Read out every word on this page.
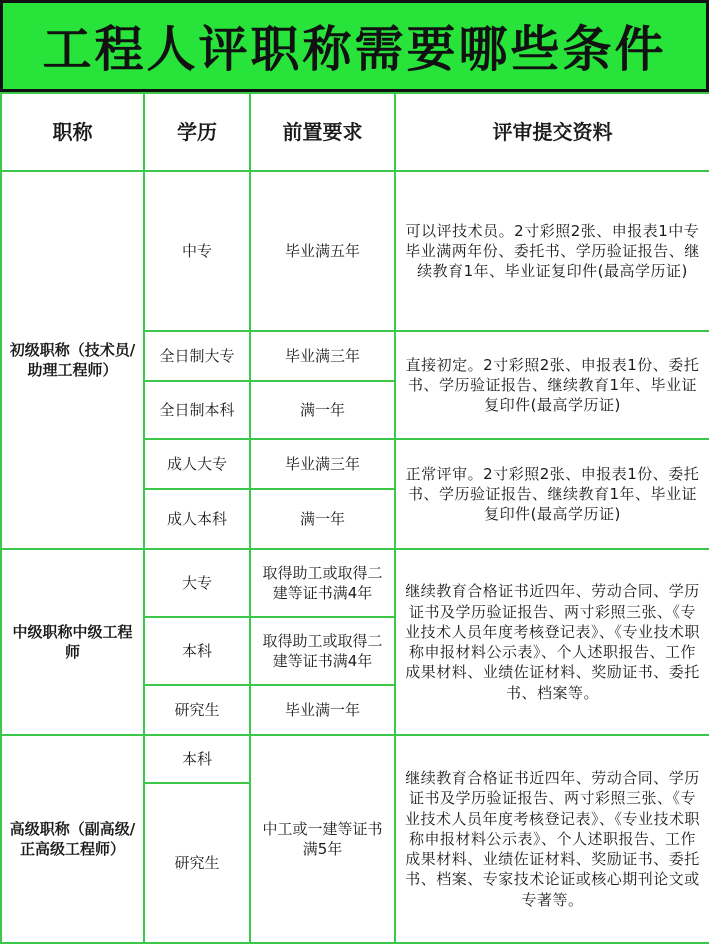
工程人评职称需要哪些条件
职称	学历	前置要求	评审提交资料
初级职称（技术员/助理工程师）	中专	毕业满五年	可以评技术员。2寸彩照2张、申报表1中专毕业满两年份、委托书、学历验证报告、继续教育1年、毕业证复印件(最高学历证)
	全日制大专	毕业满三年	直接初定。2寸彩照2张、申报表1份、委托书、学历验证报告、继续教育1年、毕业证复印件(最高学历证)
	全日制本科	满一年	
	成人大专	毕业满三年	正常评审。2寸彩照2张、申报表1份、委托书、学历验证报告、继续教育1年、毕业证复印件(最高学历证)
	成人本科	满一年	
中级职称中级工程师	大专	取得助工或取得二建等证书满4年	继续教育合格证书近四年、劳动合同、学历证书及学历验证报告、两寸彩照三张、《专业技术人员年度考核登记表》、《专业技术职称申报材料公示表》、个人述职报告、工作成果材料、业绩佐证材料、奖励证书、委托书、档案等。
	本科	取得助工或取得二建等证书满4年	
	研究生	毕业满一年	
高级职称（副高级/正高级工程师）	本科	中工或一建等证书满5年	继续教育合格证书近四年、劳动合同、学历证书及学历验证报告、两寸彩照三张、《专业技术人员年度考核登记表》、《专业技术职称申报材料公示表》、个人述职报告、工作成果材料、业绩佐证材料、奖励证书、委托书、档案、专家技术论证或核心期刊论文或专著等。
	研究生		
